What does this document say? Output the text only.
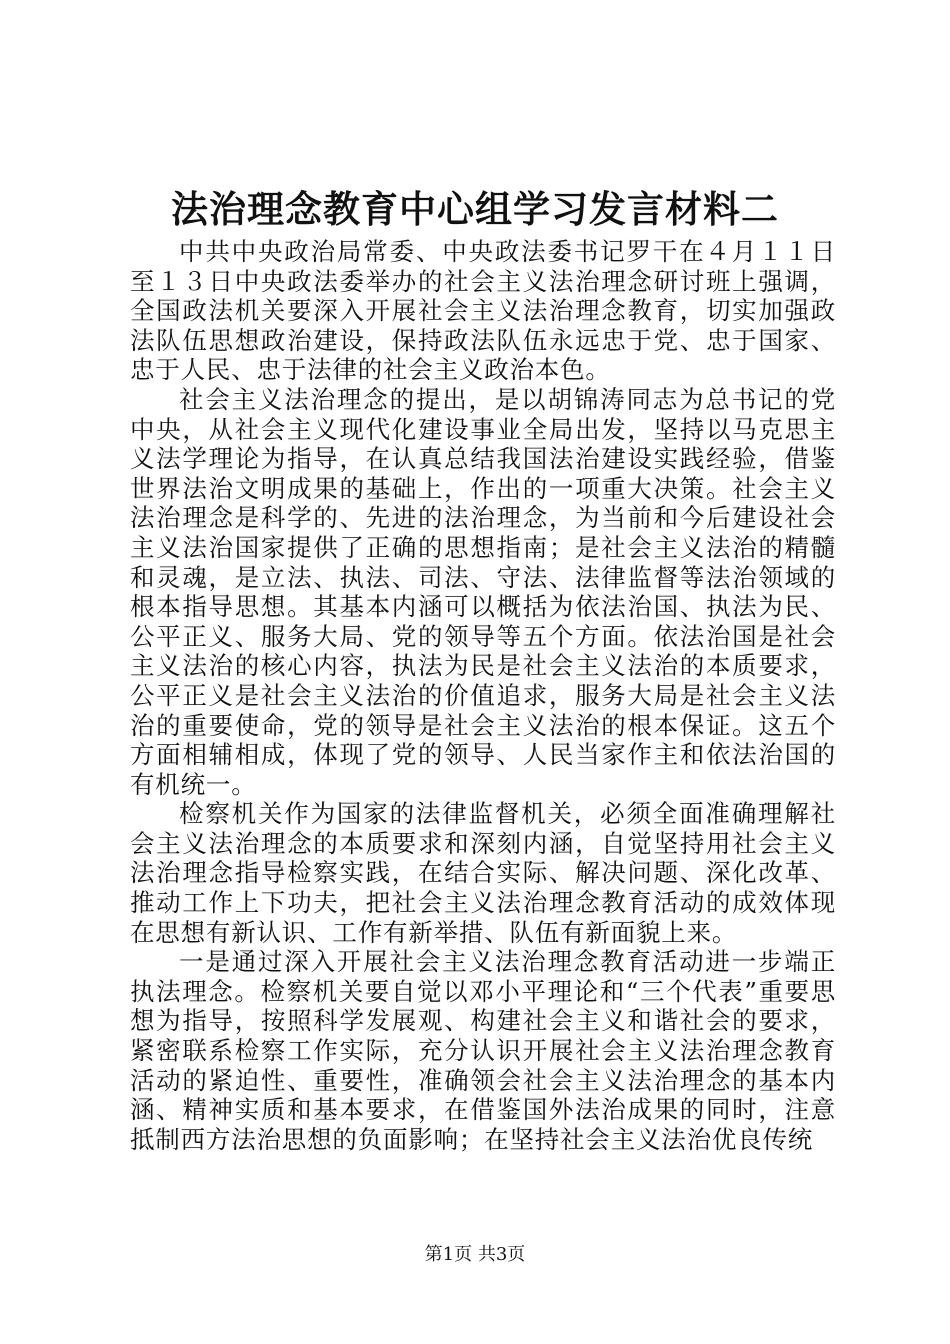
法治理念教育中心组学习发言材料二

中共中央政治局常委、中央政法委书记罗干在４月１１日至１３日中央政法委举办的社会主义法治理念研讨班上强调，全国政法机关要深入开展社会主义法治理念教育，切实加强政法队伍思想政治建设，保持政法队伍永远忠于党、忠于国家、忠于人民、忠于法律的社会主义政治本色。

社会主义法治理念的提出，是以胡锦涛同志为总书记的党中央，从社会主义现代化建设事业全局出发，坚持以马克思主义法学理论为指导，在认真总结我国法治建设实践经验，借鉴世界法治文明成果的基础上，作出的一项重大决策。社会主义法治理念是科学的、先进的法治理念，为当前和今后建设社会主义法治国家提供了正确的思想指南；是社会主义法治的精髓和灵魂，是立法、执法、司法、守法、法律监督等法治领域的根本指导思想。其基本内涵可以概括为依法治国、执法为民、公平正义、服务大局、党的领导等五个方面。依法治国是社会主义法治的核心内容，执法为民是社会主义法治的本质要求，公平正义是社会主义法治的价值追求，服务大局是社会主义法治的重要使命，党的领导是社会主义法治的根本保证。这五个方面相辅相成，体现了党的领导、人民当家作主和依法治国的有机统一。

检察机关作为国家的法律监督机关，必须全面准确理解社会主义法治理念的本质要求和深刻内涵，自觉坚持用社会主义法治理念指导检察实践，在结合实际、解决问题、深化改革、推动工作上下功夫，把社会主义法治理念教育活动的成效体现在思想有新认识、工作有新举措、队伍有新面貌上来。

一是通过深入开展社会主义法治理念教育活动进一步端正执法理念。检察机关要自觉以邓小平理论和“三个代表”重要思想为指导，按照科学发展观、构建社会主义和谐社会的要求，紧密联系检察工作实际，充分认识开展社会主义法治理念教育活动的紧迫性、重要性，准确领会社会主义法治理念的基本内涵、精神实质和基本要求，在借鉴国外法治成果的同时，注意抵制西方法治思想的负面影响；在坚持社会主义法治优良传统

第1页 共3页
